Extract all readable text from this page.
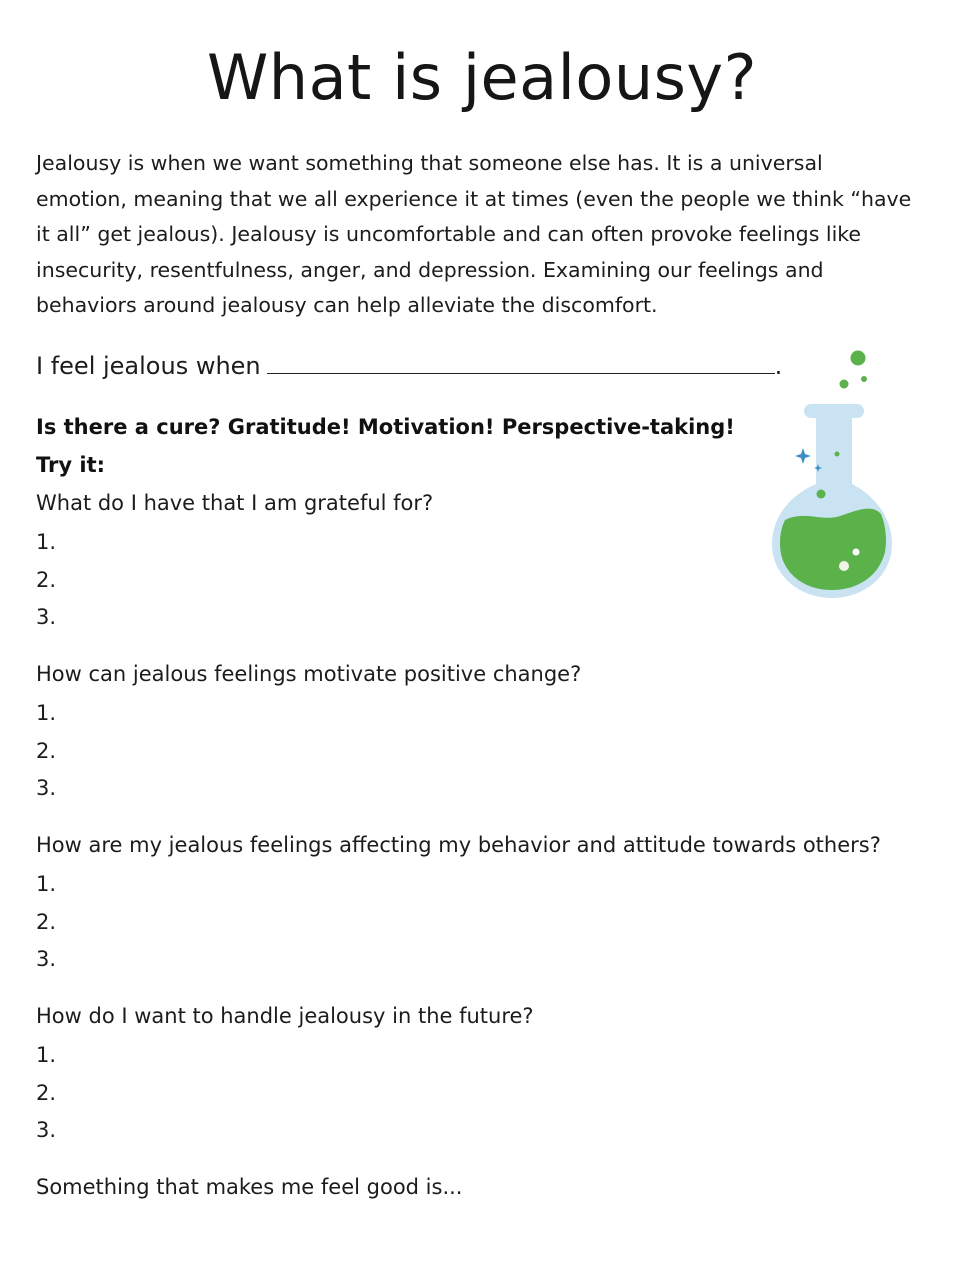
What is jealousy?

Jealousy is when we want something that someone else has. It is a universal emotion, meaning that we all experience it at times (even the people we think “have it all” get jealous). Jealousy is uncomfortable and can often provoke feelings like insecurity, resentfulness, anger, and depression. Examining our feelings and behaviors around jealousy can help alleviate the discomfort.

I feel jealous when	.

Is there a cure? Gratitude! Motivation! Perspective-taking!

Try it:

What do I have that I am grateful for?

1.

2.

3.

How can jealous feelings motivate positive change?

1.

2.

3.

How are my jealous feelings affecting my behavior and attitude towards others?

1.

2.

3.

How do I want to handle jealousy in the future?

1.

2.

3.

Something that makes me feel good is...
